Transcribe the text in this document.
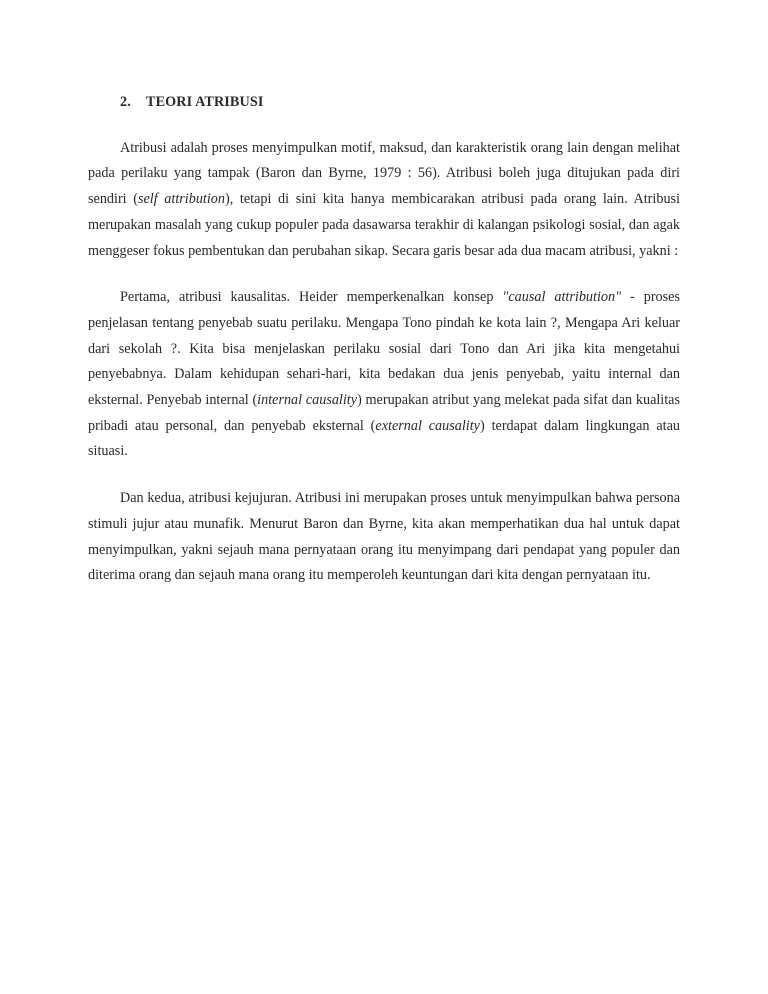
2. TEORI ATRIBUSI

Atribusi adalah proses menyimpulkan motif, maksud, dan karakteristik orang lain dengan melihat pada perilaku yang tampak (Baron dan Byrne, 1979 : 56). Atribusi boleh juga ditujukan pada diri sendiri (self attribution), tetapi di sini kita hanya membicarakan atribusi pada orang lain. Atribusi merupakan masalah yang cukup populer pada dasawarsa terakhir di kalangan psikologi sosial, dan agak menggeser fokus pembentukan dan perubahan sikap. Secara garis besar ada dua macam atribusi, yakni :

Pertama, atribusi kausalitas. Heider memperkenalkan konsep "causal attribution" - proses penjelasan tentang penyebab suatu perilaku. Mengapa Tono pindah ke kota lain ?, Mengapa Ari keluar dari sekolah ?. Kita bisa menjelaskan perilaku sosial dari Tono dan Ari jika kita mengetahui penyebabnya. Dalam kehidupan sehari-hari, kita bedakan dua jenis penyebab, yaitu internal dan eksternal. Penyebab internal (internal causality) merupakan atribut yang melekat pada sifat dan kualitas pribadi atau personal, dan penyebab eksternal (external causality) terdapat dalam lingkungan atau situasi.

Dan kedua, atribusi kejujuran. Atribusi ini merupakan proses untuk menyimpulkan bahwa persona stimuli jujur atau munafik. Menurut Baron dan Byrne, kita akan memperhatikan dua hal untuk dapat menyimpulkan, yakni sejauh mana pernyataan orang itu menyimpang dari pendapat yang populer dan diterima orang dan sejauh mana orang itu memperoleh keuntungan dari kita dengan pernyataan itu.
